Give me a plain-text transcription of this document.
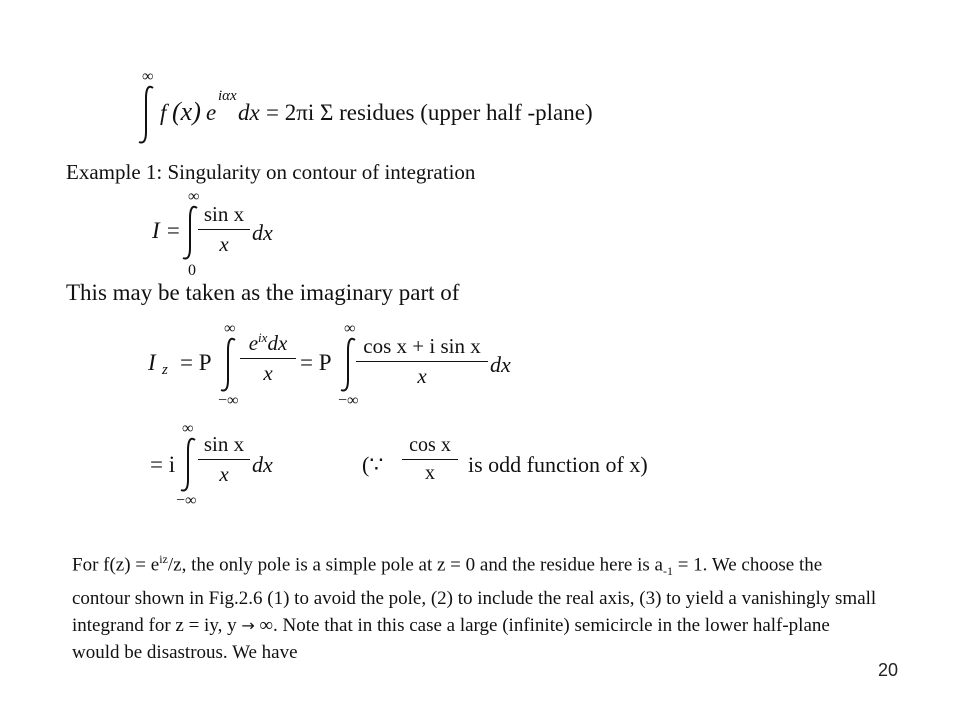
∞
f (x) e
iαx
dx = 2πi Σ residues (upper half -plane)
Example 1: Singularity on contour of integration
I =
∞
0
sin x
x	dx
This may be taken as the imaginary part of
I z = P
∞
−∞
$e^{ix}dx$
x	= P
∞
−∞
cos x + i sin x
x	dx
= i
∞
−∞
sin x
x	dx	(∵
cos x
x	is odd function of x)
For $f(z) = e^{iz}/z$, the only pole is a simple pole at z = 0 and the residue here is $a_{-1} = 1$. We choose the contour shown in Fig.2.6 (1) to avoid the pole, (2) to include the real axis, (3) to yield a vanishingly small integrand for z = iy, y → ∞. Note that in this case a large (infinite) semicircle in the lower half-plane would be disastrous. We have
20
